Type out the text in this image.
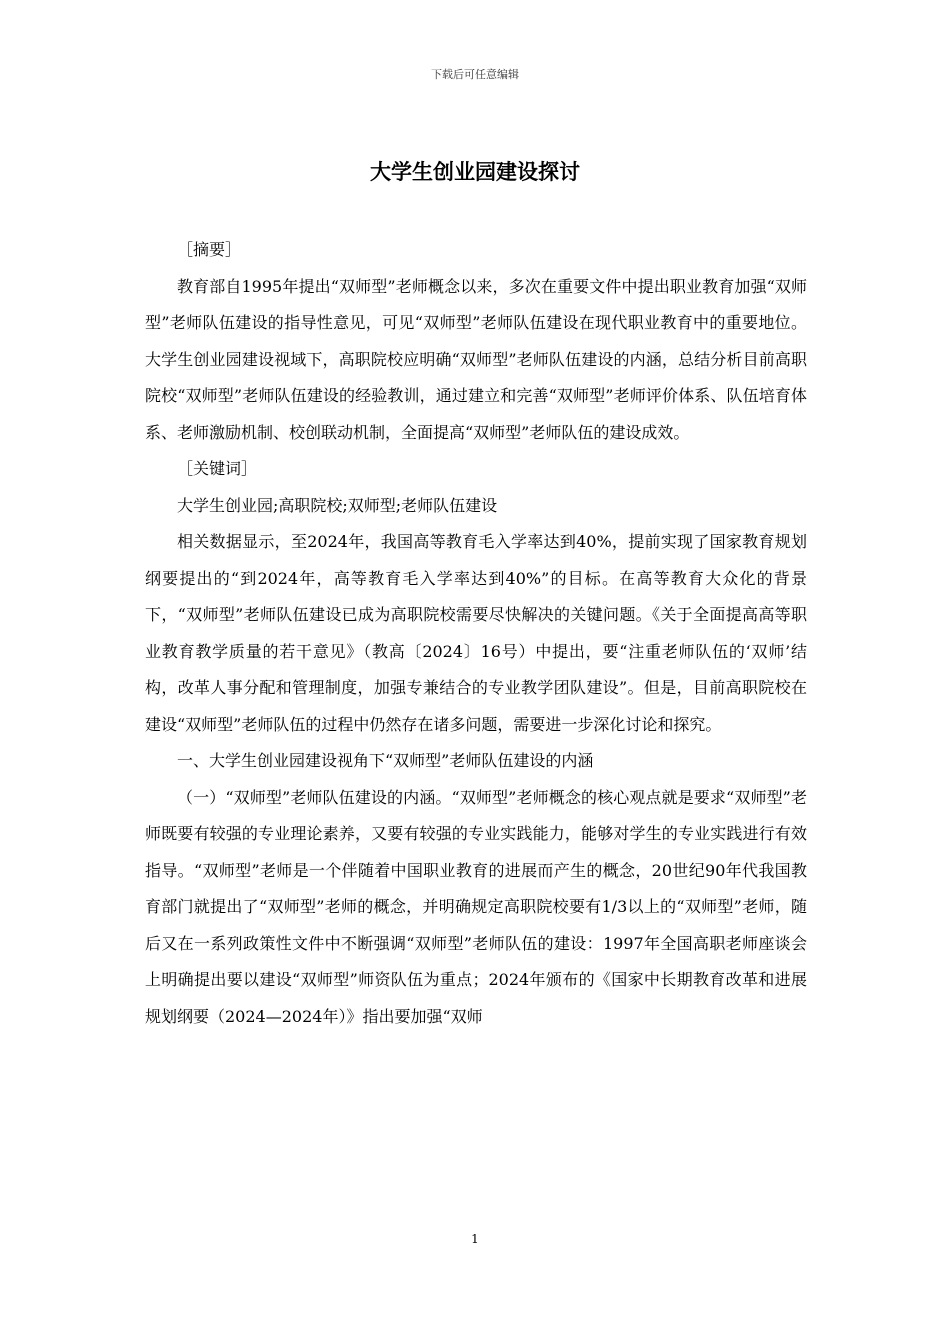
下载后可任意编辑
大学生创业园建设探讨

［摘要］

教育部自1995年提出“双师型”老师概念以来，多次在重要文件中提出职业教育加强“双师型”老师队伍建设的指导性意见，可见“双师型”老师队伍建设在现代职业教育中的重要地位。大学生创业园建设视域下，高职院校应明确“双师型”老师队伍建设的内涵，总结分析目前高职院校“双师型”老师队伍建设的经验教训，通过建立和完善“双师型”老师评价体系、队伍培育体系、老师激励机制、校创联动机制，全面提高“双师型”老师队伍的建设成效。

［关键词］

大学生创业园;高职院校;双师型;老师队伍建设

相关数据显示，至2024年，我国高等教育毛入学率达到40%，提前实现了国家教育规划纲要提出的“到2024年，高等教育毛入学率达到40%”的目标。在高等教育大众化的背景下，“双师型”老师队伍建设已成为高职院校需要尽快解决的关键问题。《关于全面提高高等职业教育教学质量的若干意见》（教高〔2024〕16号）中提出，要“注重老师队伍的‘双师’结构，改革人事分配和管理制度，加强专兼结合的专业教学团队建设”。但是，目前高职院校在建设“双师型”老师队伍的过程中仍然存在诸多问题，需要进一步深化讨论和探究。

一、大学生创业园建设视角下“双师型”老师队伍建设的内涵

（一）“双师型”老师队伍建设的内涵。“双师型”老师概念的核心观点就是要求“双师型”老师既要有较强的专业理论素养，又要有较强的专业实践能力，能够对学生的专业实践进行有效指导。“双师型”老师是一个伴随着中国职业教育的进展而产生的概念，20世纪90年代我国教育部门就提出了“双师型”老师的概念，并明确规定高职院校要有1/3以上的“双师型”老师，随后又在一系列政策性文件中不断强调“双师型”老师队伍的建设：1997年全国高职老师座谈会上明确提出要以建设“双师型”师资队伍为重点；2024年颁布的《国家中长期教育改革和进展规划纲要（2024—2024年）》指出要加强“双师

1
